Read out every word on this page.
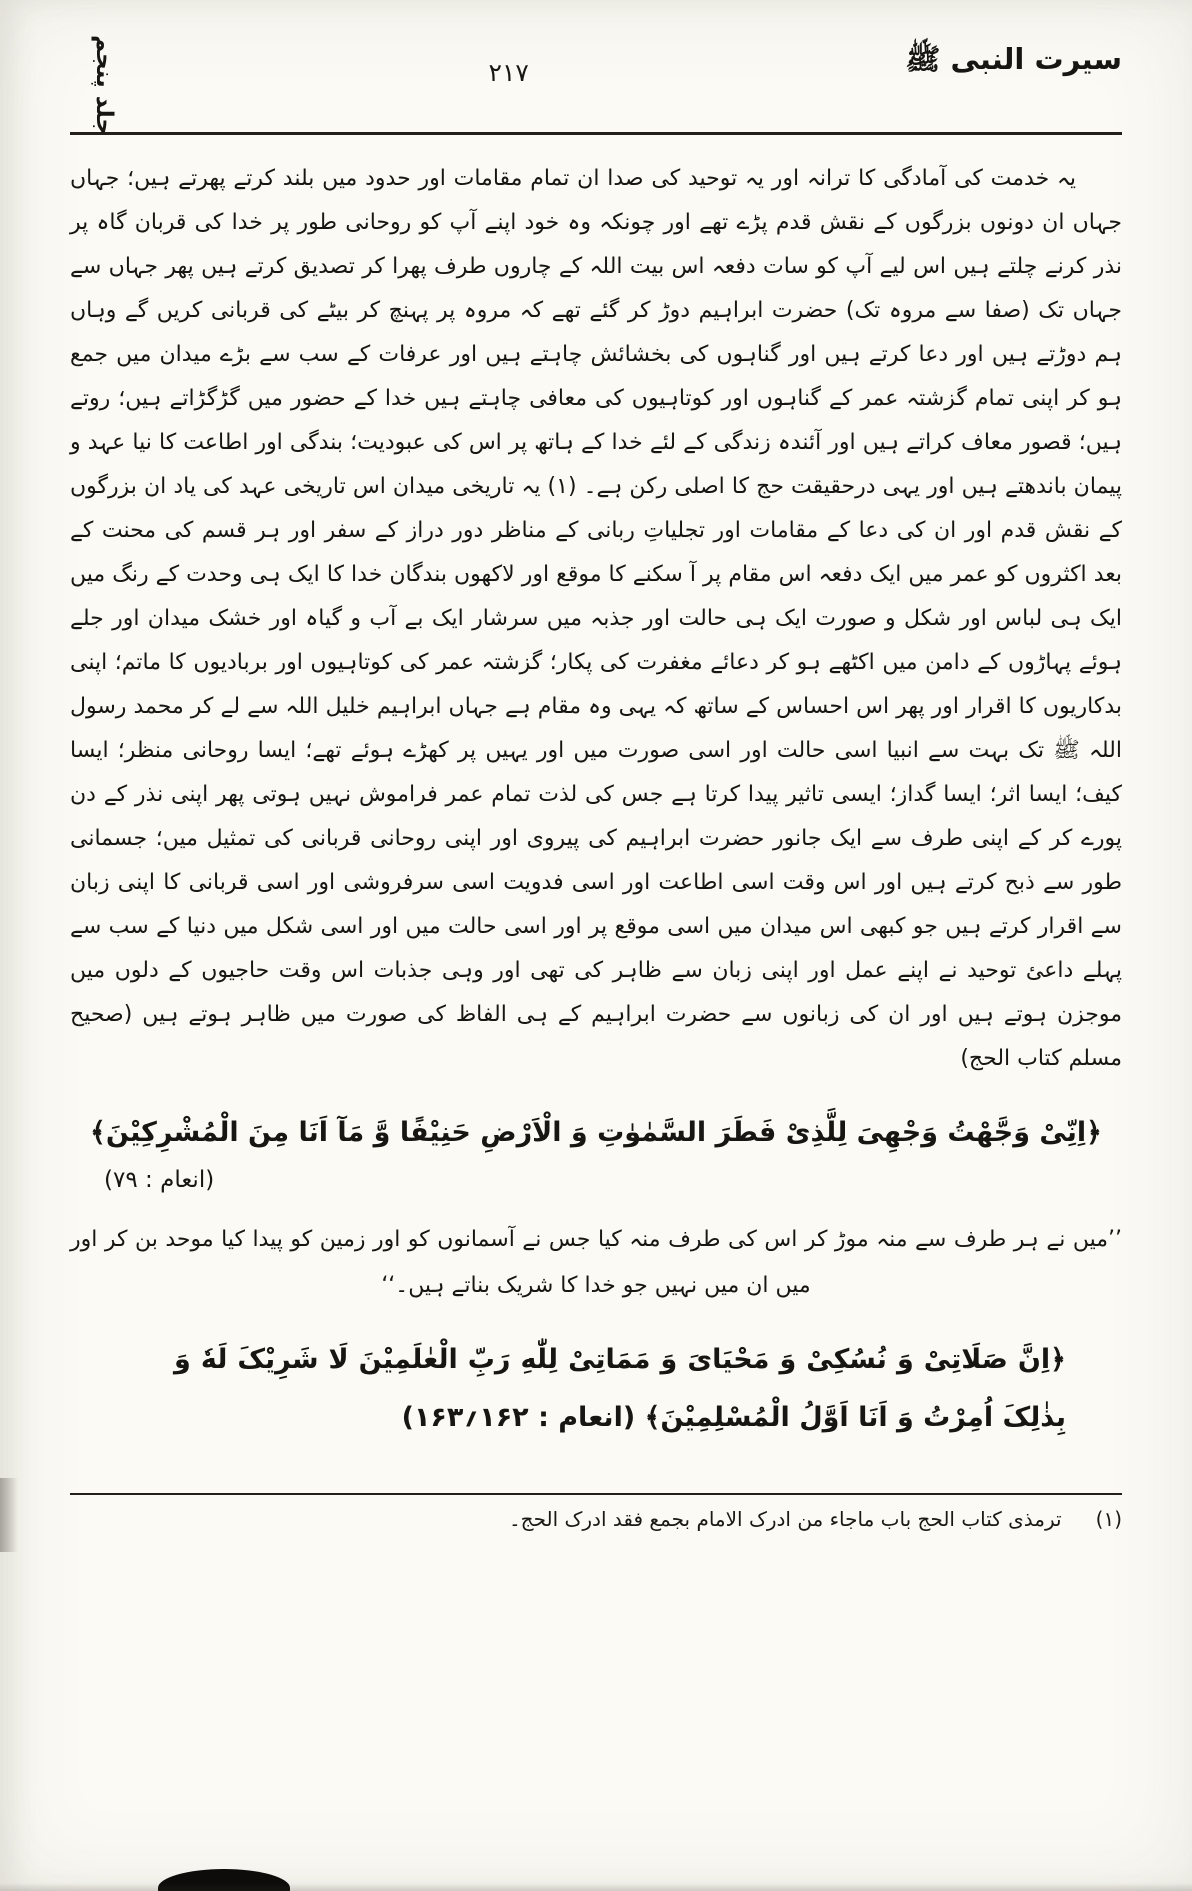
سیرت النبی ﷺ
۲۱۷
جلد پنجم
یہ خدمت کی آمادگی کا ترانہ اور یہ توحید کی صدا ان تمام مقامات اور حدود میں بلند کرتے پھرتے ہیں؛ جہاں جہاں ان دونوں بزرگوں کے نقش قدم پڑے تھے اور چونکہ وہ خود اپنے آپ کو روحانی طور پر خدا کی قربان گاہ پر نذر کرنے چلتے ہیں اس لیے آپ کو سات دفعہ اس بیت اللہ کے چاروں طرف پھرا کر تصدیق کرتے ہیں پھر جہاں سے جہاں تک (صفا سے مروہ تک) حضرت ابراہیم دوڑ کر گئے تھے کہ مروہ پر پہنچ کر بیٹے کی قربانی کریں گے وہاں ہم دوڑتے ہیں اور دعا کرتے ہیں اور گناہوں کی بخشائش چاہتے ہیں اور عرفات کے سب سے بڑے میدان میں جمع ہو کر اپنی تمام گزشتہ عمر کے گناہوں اور کوتاہیوں کی معافی چاہتے ہیں خدا کے حضور میں گڑگڑاتے ہیں؛ روتے ہیں؛ قصور معاف کراتے ہیں اور آئندہ زندگی کے لئے خدا کے ہاتھ پر اس کی عبودیت؛ بندگی اور اطاعت کا نیا عہد و پیمان باندھتے ہیں اور یہی درحقیقت حج کا اصلی رکن ہے۔ (۱) یہ تاریخی میدان اس تاریخی عہد کی یاد ان بزرگوں کے نقش قدم اور ان کی دعا کے مقامات اور تجلیاتِ ربانی کے مناظر دور دراز کے سفر اور ہر قسم کی محنت کے بعد اکثروں کو عمر میں ایک دفعہ اس مقام پر آ سکنے کا موقع اور لاکھوں بندگان خدا کا ایک ہی وحدت کے رنگ میں ایک ہی لباس اور شکل و صورت ایک ہی حالت اور جذبہ میں سرشار ایک بے آب و گیاہ اور خشک میدان اور جلے ہوئے پہاڑوں کے دامن میں اکٹھے ہو کر دعائے مغفرت کی پکار؛ گزشتہ عمر کی کوتاہیوں اور بربادیوں کا ماتم؛ اپنی بدکاریوں کا اقرار اور پھر اس احساس کے ساتھ کہ یہی وہ مقام ہے جہاں ابراہیم خلیل اللہ سے لے کر محمد رسول اللہ ﷺ تک بہت سے انبیا اسی حالت اور اسی صورت میں اور یہیں پر کھڑے ہوئے تھے؛ ایسا روحانی منظر؛ ایسا کیف؛ ایسا اثر؛ ایسا گداز؛ ایسی تاثیر پیدا کرتا ہے جس کی لذت تمام عمر فراموش نہیں ہوتی پھر اپنی نذر کے دن پورے کر کے اپنی طرف سے ایک جانور حضرت ابراہیم کی پیروی اور اپنی روحانی قربانی کی تمثیل میں؛ جسمانی طور سے ذبح کرتے ہیں اور اس وقت اسی اطاعت اور اسی فدویت اسی سرفروشی اور اسی قربانی کا اپنی زبان سے اقرار کرتے ہیں جو کبھی اس میدان میں اسی موقع پر اور اسی حالت میں اور اسی شکل میں دنیا کے سب سے پہلے داعئ توحید نے اپنے عمل اور اپنی زبان سے ظاہر کی تھی اور وہی جذبات اس وقت حاجیوں کے دلوں میں موجزن ہوتے ہیں اور ان کی زبانوں سے حضرت ابراہیم کے ہی الفاظ کی صورت میں ظاہر ہوتے ہیں (صحیح مسلم کتاب الحج)
﴿اِنِّیْ وَجَّهْتُ وَجْهِیَ لِلَّذِیْ فَطَرَ السَّمٰوٰتِ وَ الْاَرْضِ حَنِیْفًا وَّ مَآ اَنَا مِنَ الْمُشْرِکِیْنَ﴾
(انعام : ۷۹)
’’میں نے ہر طرف سے منہ موڑ کر اس کی طرف منہ کیا جس نے آسمانوں کو اور زمین کو پیدا کیا موحد بن کر اور میں ان میں نہیں جو خدا کا شریک بناتے ہیں۔‘‘
﴿اِنَّ صَلَاتِیْ وَ نُسُکِیْ وَ مَحْیَایَ وَ مَمَاتِیْ لِلّٰهِ رَبِّ الْعٰلَمِیْنَ لَا شَرِیْکَ لَهٗ وَ بِذٰلِکَ اُمِرْتُ وَ اَنَا اَوَّلُ الْمُسْلِمِیْنَ﴾ (انعام : ۱۶۲؍۱۶۳)
(۱)ترمذی کتاب الحج باب ماجاء من ادرک الامام بجمع فقد ادرک الحج۔
